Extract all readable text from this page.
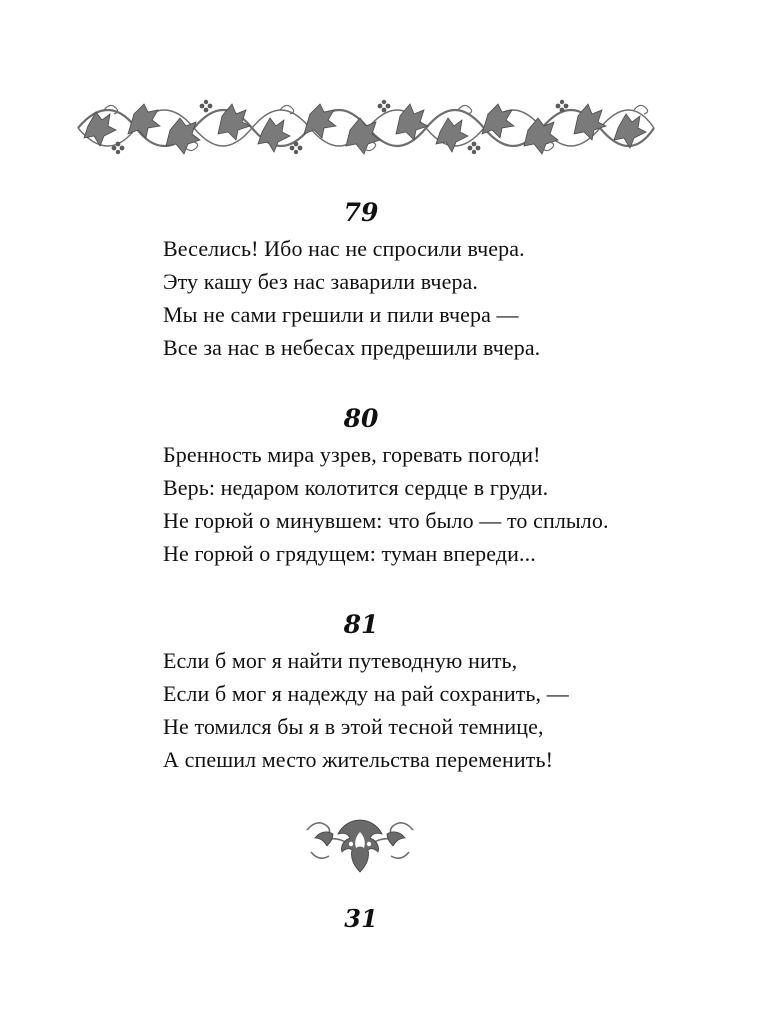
79
Веселись! Ибо нас не спросили вчера.
Эту кашу без нас заварили вчера.
Мы не сами грешили и пили вчера —
Все за нас в небесах предрешили вчера.
80
Бренность мира узрев, горевать погоди!
Верь: недаром колотится сердце в груди.
Не горюй о минувшем: что было — то сплыло.
Не горюй о грядущем: туман впереди...
81
Если б мог я найти путеводную нить,
Если б мог я надежду на рай сохранить, —
Не томился бы я в этой тесной темнице,
А спешил место жительства переменить!
31
